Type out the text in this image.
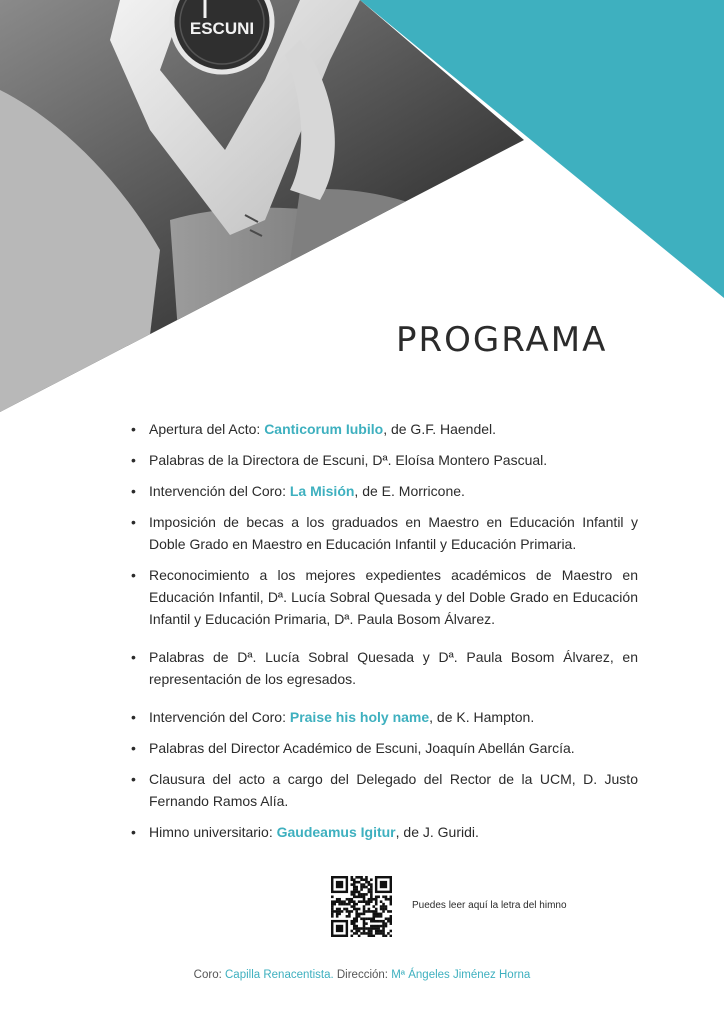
ESCUNI
PROGRAMA
• Apertura del Acto: Canticorum Iubilo, de G.F. Haendel.
• Palabras de la Directora de Escuni, Dª. Eloísa Montero Pascual.
• Intervención del Coro: La Misión, de E. Morricone.
• Imposición de becas a los graduados en Maestro en Educación Infantil y Doble Grado en Maestro en Educación Infantil y Educación Primaria.
• Reconocimiento a los mejores expedientes académicos de Maestro en Educación Infantil, Dª. Lucía Sobral Quesada y del Doble Grado en Educación Infantil y Educación Primaria, Dª. Paula Bosom Álvarez.
• Palabras de Dª. Lucía Sobral Quesada y Dª. Paula Bosom Álvarez, en representación de los egresados.
• Intervención del Coro: Praise his holy name, de K. Hampton.
• Palabras del Director Académico de Escuni, Joaquín Abellán García.
• Clausura del acto a cargo del Delegado del Rector de la UCM, D. Justo Fernando Ramos Alía.
• Himno universitario: Gaudeamus Igitur, de J. Guridi.
Puedes leer aquí la letra del himno
Coro: Capilla Renacentista. Dirección: Mª Ángeles Jiménez Horna
